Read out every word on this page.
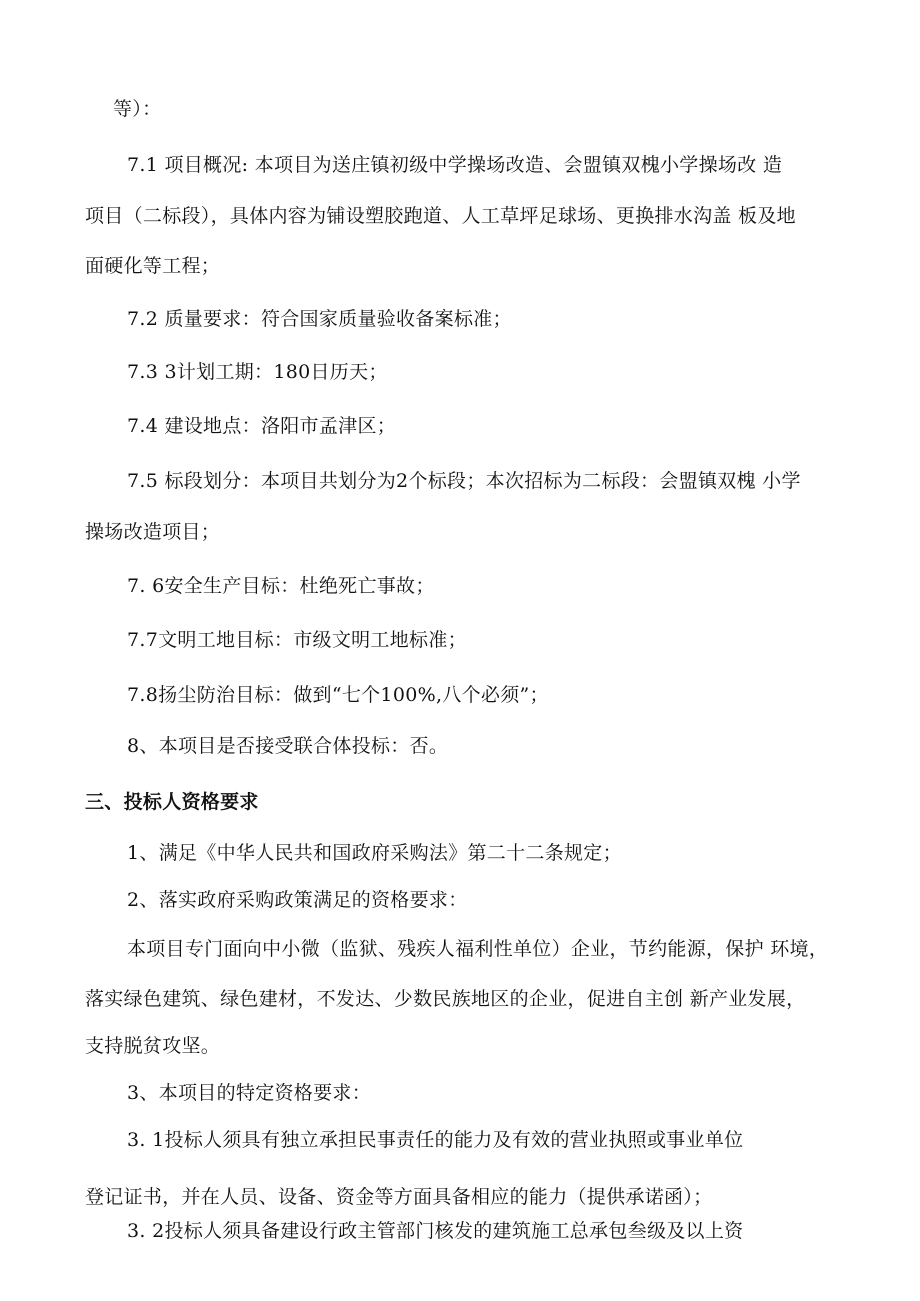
等）：
7.1 项目概况: 本项目为送庄镇初级中学操场改造、会盟镇双槐小学操场改 造
项目（二标段），具体内容为铺设塑胶跑道、人工草坪足球场、更换排水沟盖 板及地
面硬化等工程；
7.2 质量要求：符合国家质量验收备案标准；
7.3 3计划工期：180日历天；
7.4 建设地点：洛阳市孟津区；
7.5 标段划分：本项目共划分为2个标段；本次招标为二标段：会盟镇双槐 小学
操场改造项目；
7. 6安全生产目标：杜绝死亡事故；
7.7文明工地目标：市级文明工地标准；
7.8扬尘防治目标：做到“七个100%,八个必须”；
8、本项目是否接受联合体投标：否。
三、投标人资格要求
1、满足《中华人民共和国政府采购法》第二十二条规定；
2、落实政府采购政策满足的资格要求：
本项目专门面向中小微（监狱、残疾人福利性单位）企业，节约能源，保护 环境，
落实绿色建筑、绿色建材，不发达、少数民族地区的企业，促进自主创 新产业发展，
支持脱贫攻坚。
3、本项目的特定资格要求：
3. 1投标人须具有独立承担民事责任的能力及有效的营业执照或事业单位
登记证书，并在人员、设备、资金等方面具备相应的能力（提供承诺函）；
3. 2投标人须具备建设行政主管部门核发的建筑施工总承包叁级及以上资
